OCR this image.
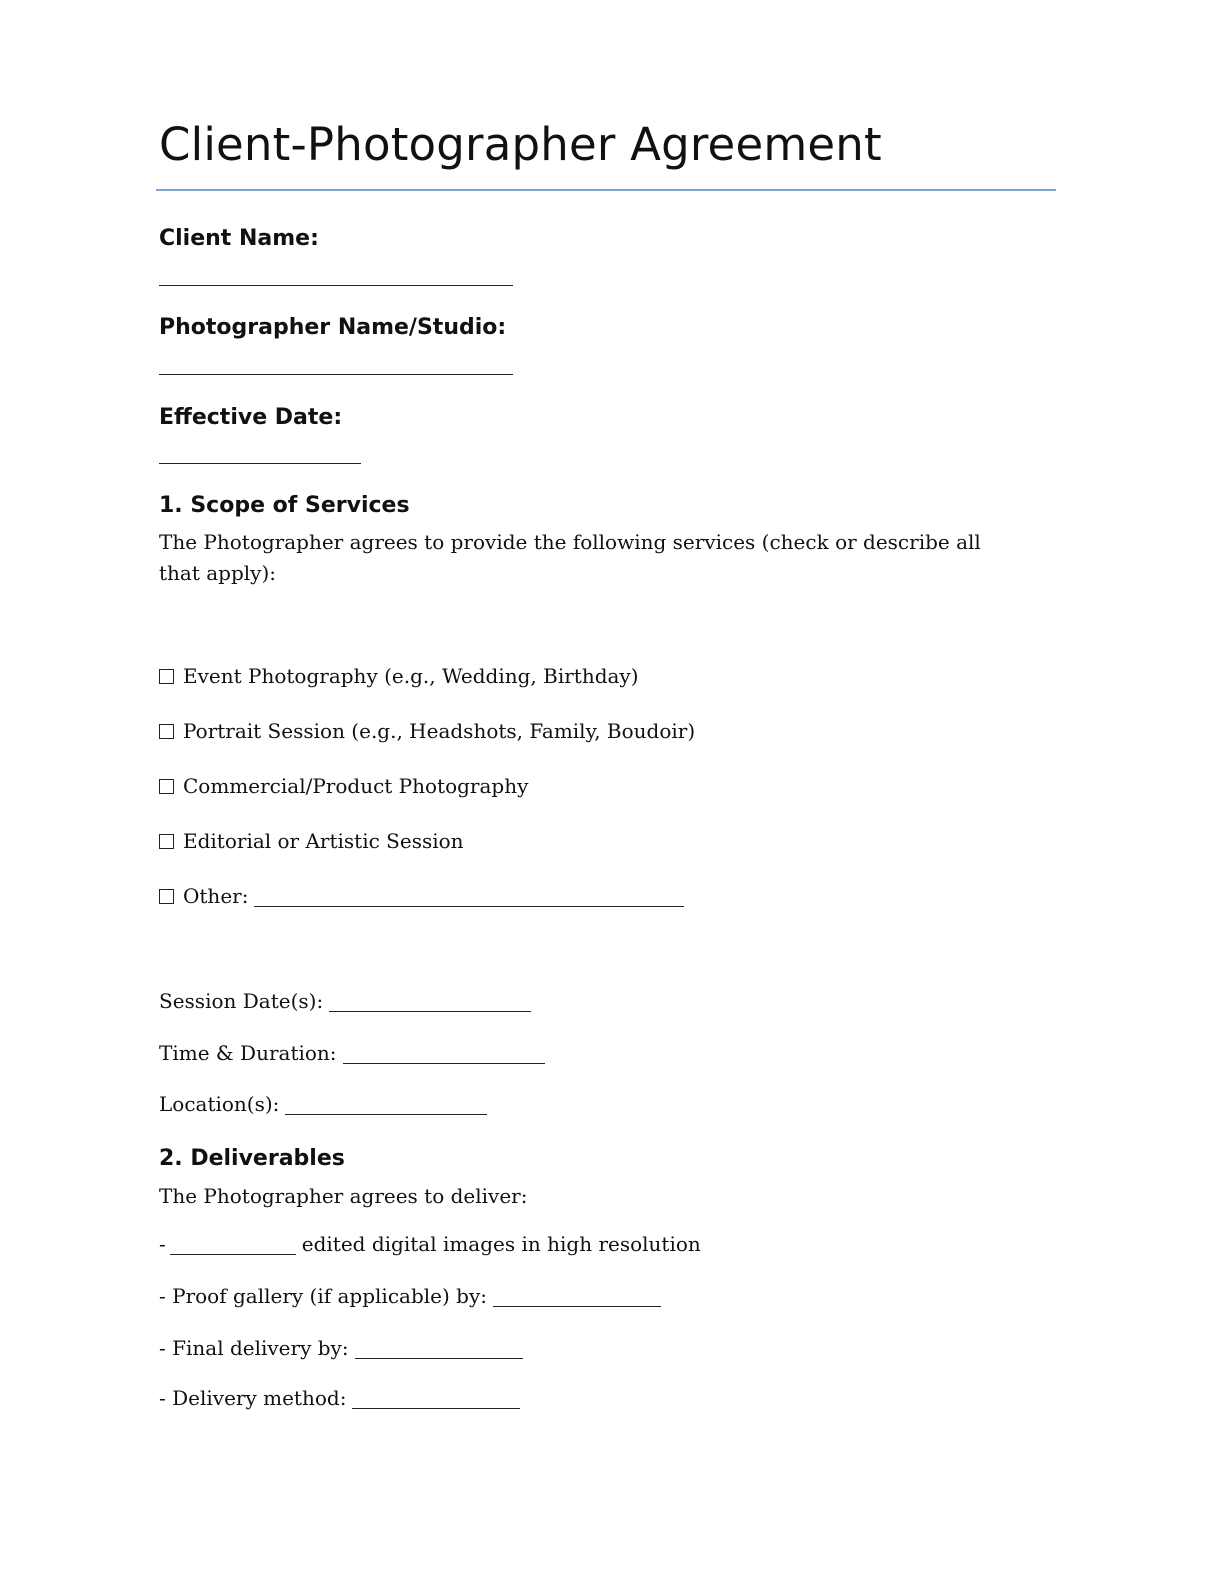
Client-Photographer Agreement
Client Name:
Photographer Name/Studio:
Effective Date:
1. Scope of Services
The Photographer agrees to provide the following services (check or describe all that apply):
Event Photography (e.g., Wedding, Birthday)
Portrait Session (e.g., Headshots, Family, Boudoir)
Commercial/Product Photography
Editorial or Artistic Session
Other:
Session Date(s):
Time & Duration:
Location(s):
2. Deliverables
The Photographer agrees to deliver:
-	edited digital images in high resolution
- Proof gallery (if applicable) by:
- Final delivery by:
- Delivery method:
